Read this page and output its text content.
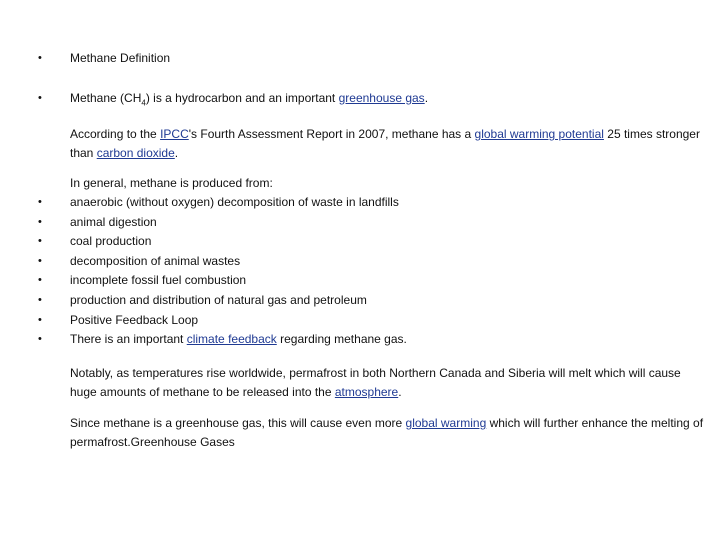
• Methane Definition
• Methane $(CH_4)$ is a hydrocarbon and an important greenhouse gas.
According to the IPCC's Fourth Assessment Report in 2007, methane has a global warming potential 25 times stronger than carbon dioxide.
In general, methane is produced from:
• anaerobic (without oxygen) decomposition of waste in landfills
• animal digestion
• coal production
• decomposition of animal wastes
• incomplete fossil fuel combustion
• production and distribution of natural gas and petroleum
• Positive Feedback Loop
• There is an important climate feedback regarding methane gas.
Notably, as temperatures rise worldwide, permafrost in both Northern Canada and Siberia will melt which will cause huge amounts of methane to be released into the atmosphere.
Since methane is a greenhouse gas, this will cause even more global warming which will further enhance the melting of permafrost.Greenhouse Gases
